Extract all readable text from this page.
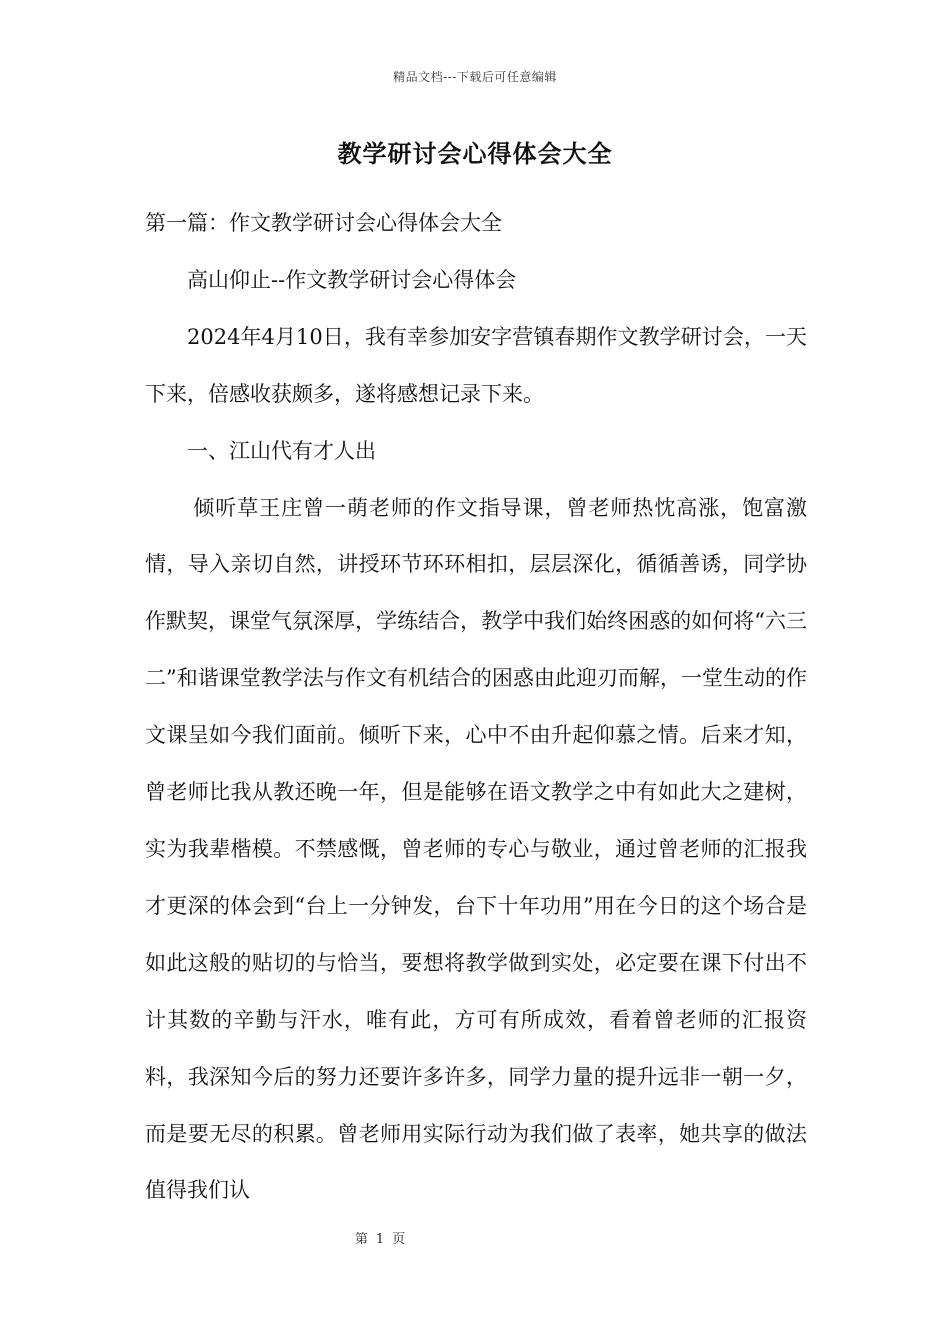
精品文档---下载后可任意编辑
教学研讨会心得体会大全

第一篇：作文教学研讨会心得体会大全

高山仰止--作文教学研讨会心得体会

2024年4月10日，我有幸参加安字营镇春期作文教学研讨会，一天下来，倍感收获颇多，遂将感想记录下来。

一、江山代有才人出

倾听草王庄曾一萌老师的作文指导课，曾老师热忱高涨，饱富激情，导入亲切自然，讲授环节环环相扣，层层深化，循循善诱，同学协作默契，课堂气氛深厚，学练结合，教学中我们始终困惑的如何将“六三二”和谐课堂教学法与作文有机结合的困惑由此迎刃而解，一堂生动的作文课呈如今我们面前。倾听下来，心中不由升起仰慕之情。后来才知，曾老师比我从教还晚一年，但是能够在语文教学之中有如此大之建树，实为我辈楷模。不禁感慨，曾老师的专心与敬业，通过曾老师的汇报我才更深的体会到“台上一分钟发，台下十年功用”用在今日的这个场合是如此这般的贴切的与恰当，要想将教学做到实处，必定要在课下付出不计其数的辛勤与汗水，唯有此，方可有所成效，看着曾老师的汇报资料，我深知今后的努力还要许多许多，同学力量的提升远非一朝一夕，而是要无尽的积累。曾老师用实际行动为我们做了表率，她共享的做法值得我们认

第 1 页
